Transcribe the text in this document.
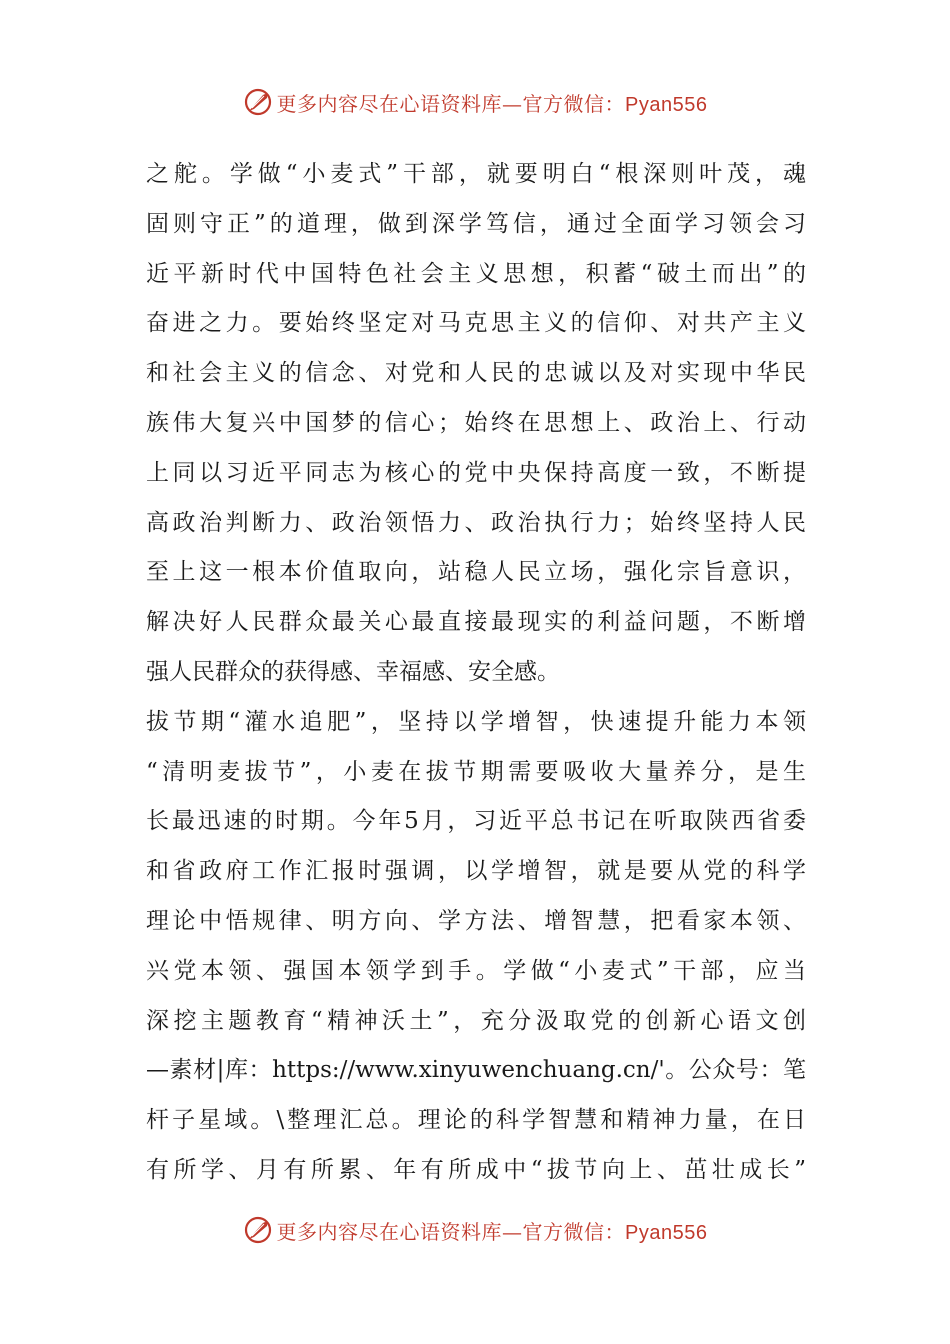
更多内容尽在心语资料库—官方微信：Pyan556
之舵。学做“小麦式”干部，就要明白“根深则叶茂，魂
固则守正”的道理，做到深学笃信，通过全面学习领会习
近平新时代中国特色社会主义思想，积蓄“破土而出”的
奋进之力。要始终坚定对马克思主义的信仰、对共产主义
和社会主义的信念、对党和人民的忠诚以及对实现中华民
族伟大复兴中国梦的信心；始终在思想上、政治上、行动
上同以习近平同志为核心的党中央保持高度一致，不断提
高政治判断力、政治领悟力、政治执行力；始终坚持人民
至上这一根本价值取向，站稳人民立场，强化宗旨意识，
解决好人民群众最关心最直接最现实的利益问题，不断增
强人民群众的获得感、幸福感、安全感。
拔节期“灌水追肥”，坚持以学增智，快速提升能力本领
“清明麦拔节”，小麦在拔节期需要吸收大量养分，是生
长最迅速的时期。今年5月，习近平总书记在听取陕西省委
和省政府工作汇报时强调，以学增智，就是要从党的科学
理论中悟规律、明方向、学方法、增智慧，把看家本领、
兴党本领、强国本领学到手。学做“小麦式”干部，应当
深挖主题教育“精神沃土”，充分汲取党的创新心语文创
—素材|库：https://www.xinyuwenchuang.cn/'。公众号：笔
杆子星域。\整理汇总。理论的科学智慧和精神力量，在日
有所学、月有所累、年有所成中“拔节向上、茁壮成长”
更多内容尽在心语资料库—官方微信：Pyan556
